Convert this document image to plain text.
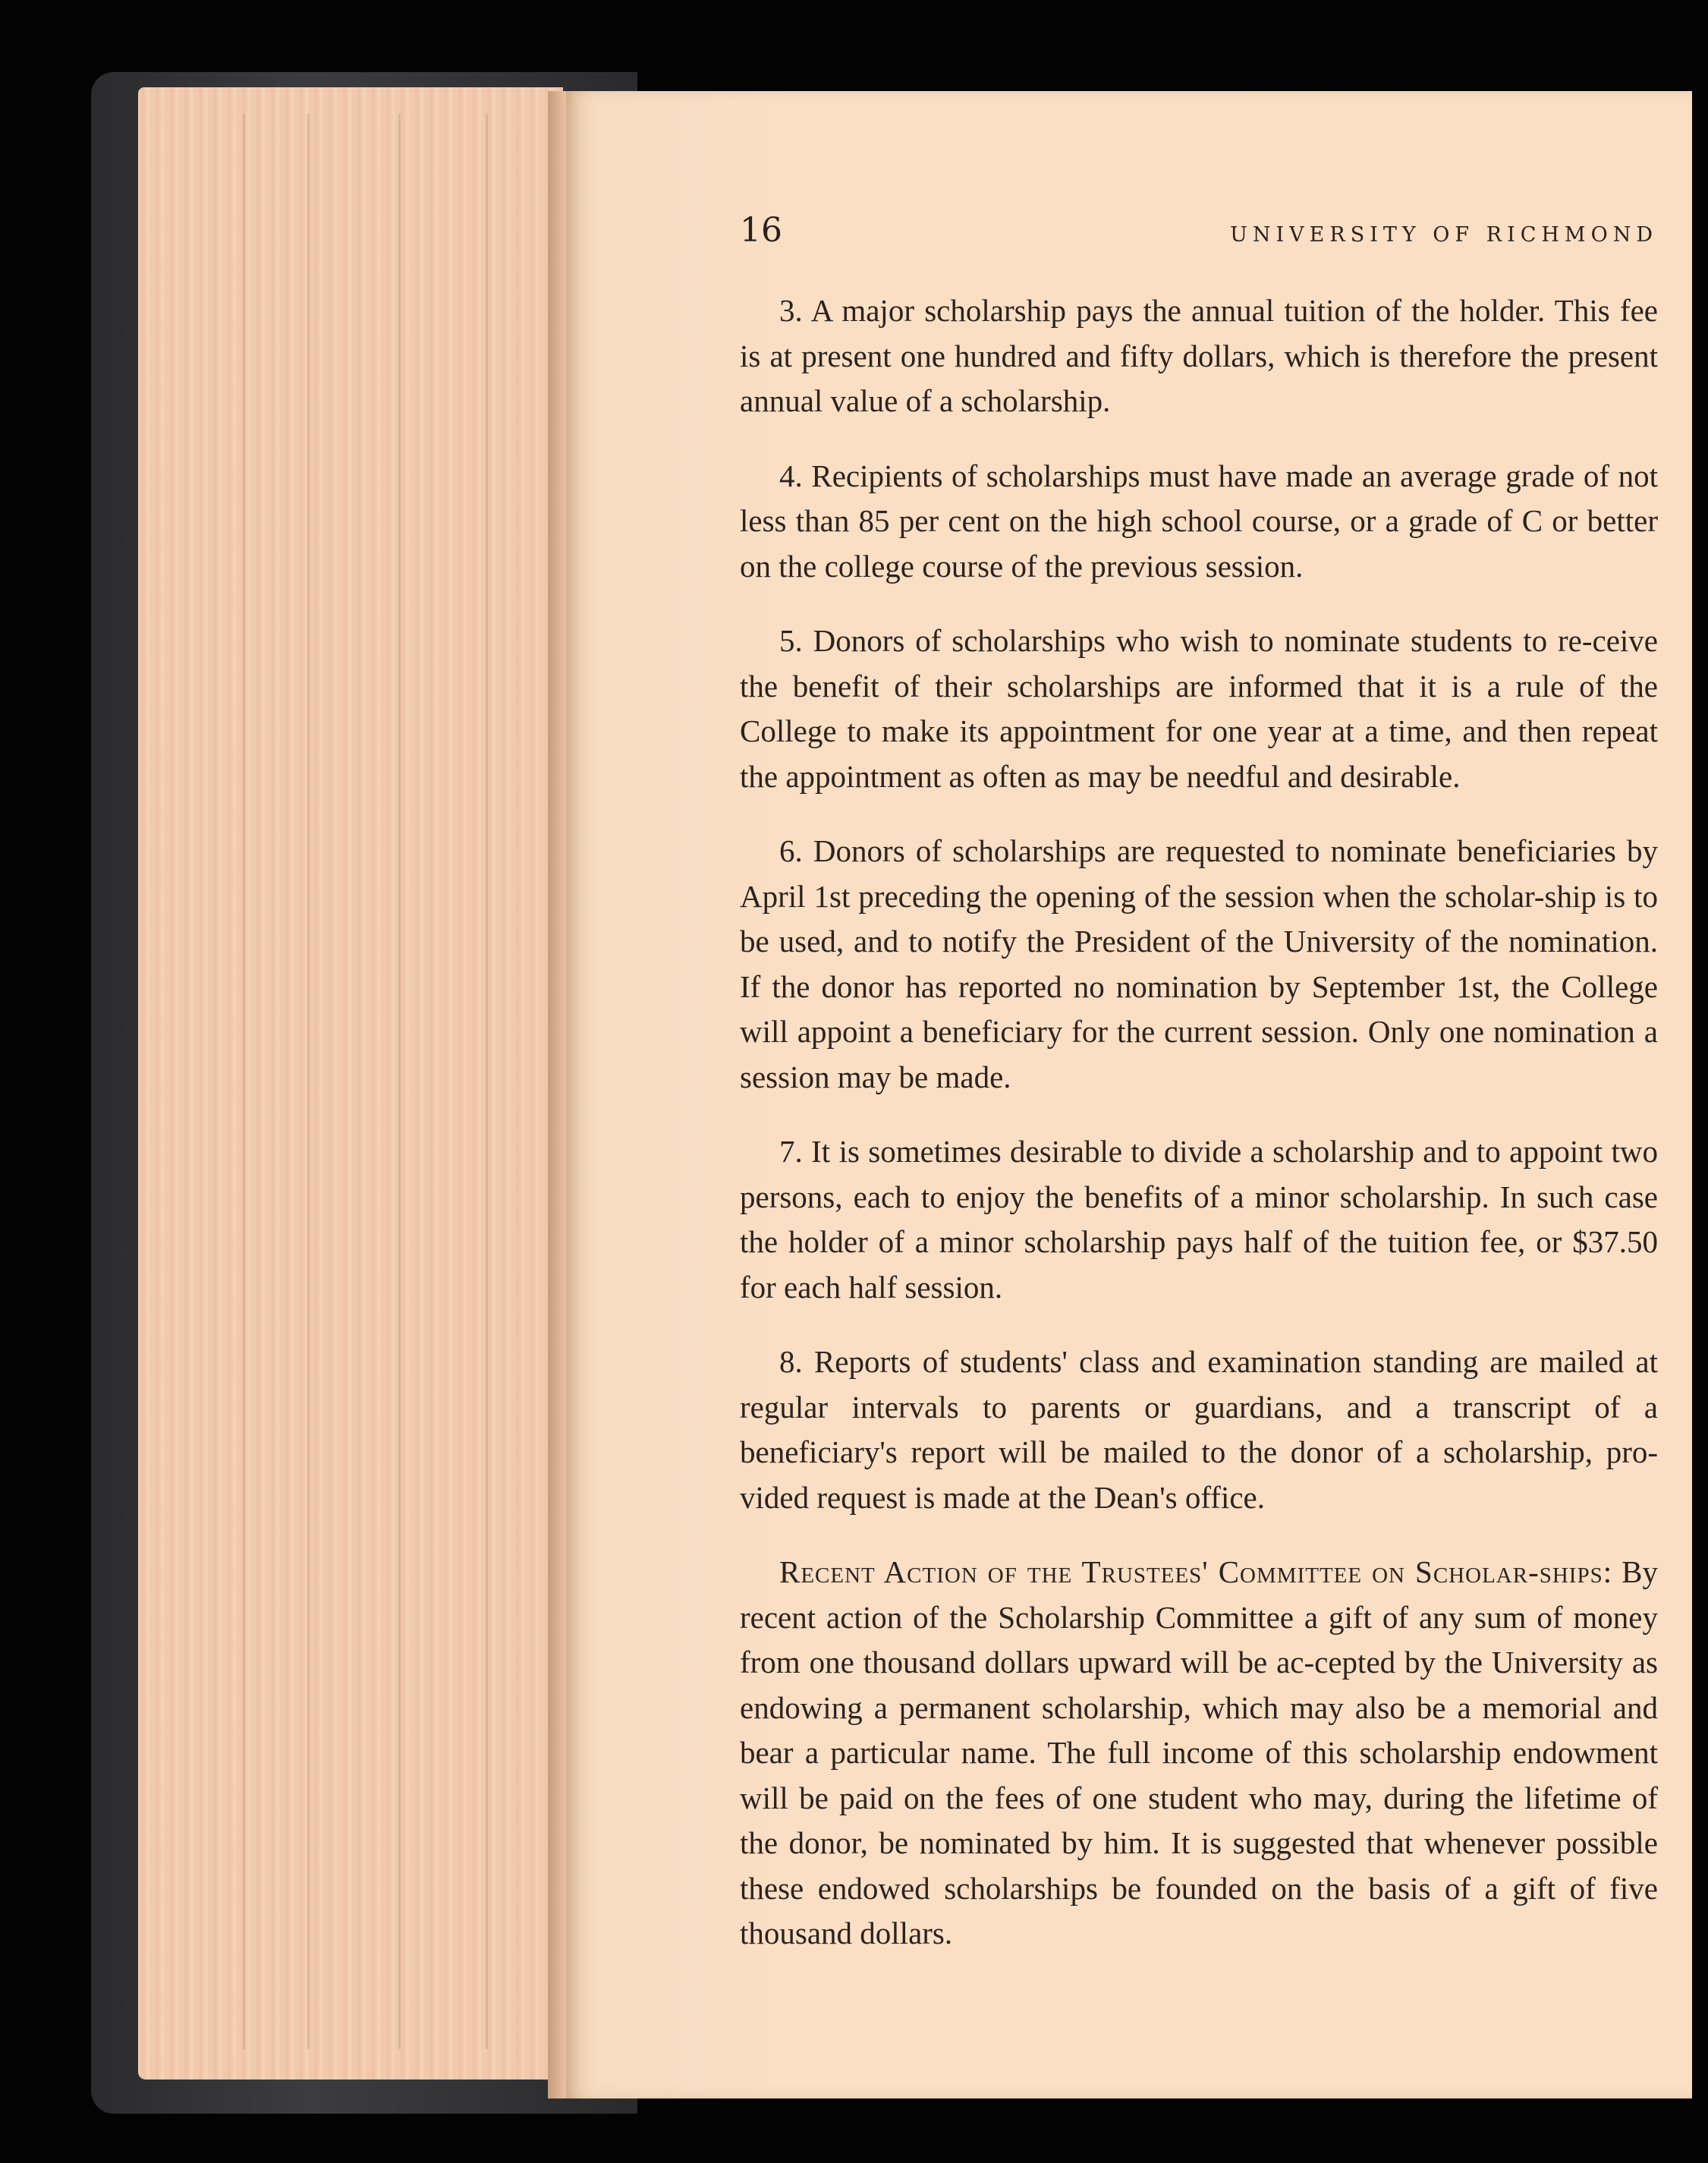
16	UNIVERSITY OF RICHMOND

3. A major scholarship pays the annual tuition of the holder. This fee is at present one hundred and fifty dollars, which is therefore the present annual value of a scholarship.

4. Recipients of scholarships must have made an average grade of not less than 85 per cent on the high school course, or a grade of C or better on the college course of the previous session.

5. Donors of scholarships who wish to nominate students to re-ceive the benefit of their scholarships are informed that it is a rule of the College to make its appointment for one year at a time, and then repeat the appointment as often as may be needful and desirable.

6. Donors of scholarships are requested to nominate beneficiaries by April 1st preceding the opening of the session when the scholar-ship is to be used, and to notify the President of the University of the nomination. If the donor has reported no nomination by September 1st, the College will appoint a beneficiary for the current session. Only one nomination a session may be made.

7. It is sometimes desirable to divide a scholarship and to appoint two persons, each to enjoy the benefits of a minor scholarship. In such case the holder of a minor scholarship pays half of the tuition fee, or $37.50 for each half session.

8. Reports of students' class and examination standing are mailed at regular intervals to parents or guardians, and a transcript of a beneficiary's report will be mailed to the donor of a scholarship, pro-vided request is made at the Dean's office.

Recent Action of the Trustees' Committee on Scholar-ships: By recent action of the Scholarship Committee a gift of any sum of money from one thousand dollars upward will be ac-cepted by the University as endowing a permanent scholarship, which may also be a memorial and bear a particular name. The full income of this scholarship endowment will be paid on the fees of one student who may, during the lifetime of the donor, be nominated by him. It is suggested that whenever possible these endowed scholarships be founded on the basis of a gift of five thousand dollars.
